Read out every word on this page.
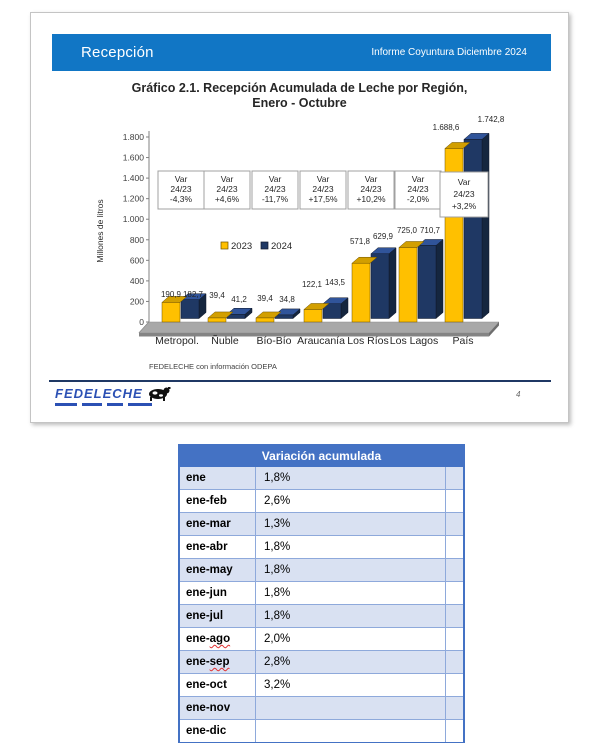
Recepción	Informe Coyuntura Diciembre 2024
Gráfico 2.1. Recepción Acumulada de Leche por Región,
Enero - Octubre
1.800
1.600
1.400
1.200
1.000
800
600
400
200
0
Var
24/23
-4,3%
Var
24/23
+4,6%
Var
24/23
-11,7%
Var
24/23
+17,5%
Var
24/23
+10,2%
Var
24/23
-2,0%
Var
24/23
+3,2%
190,9	39,4	39,4
122,1
571,8
725,0
1.688,6
182,7
41,2	34,8
143,5
629,9
710,7
1.742,8
2023 2024
Millones de litros
Metropol. Ñuble Bío-Bío Araucanía Los Ríos Los Lagos País
FEDELECHE con información ODEPA
FEDELECHE	4
Variación acumulada		
ene	1,8%	
ene-feb	2,6%	
ene-mar	1,3%	
ene-abr	1,8%	
ene-may	1,8%	
ene-jun	1,8%	
ene-jul	1,8%	
ene-ago	2,0%	
ene-sep	2,8%	
ene-oct	3,2%	
ene-nov		
ene-dic		
